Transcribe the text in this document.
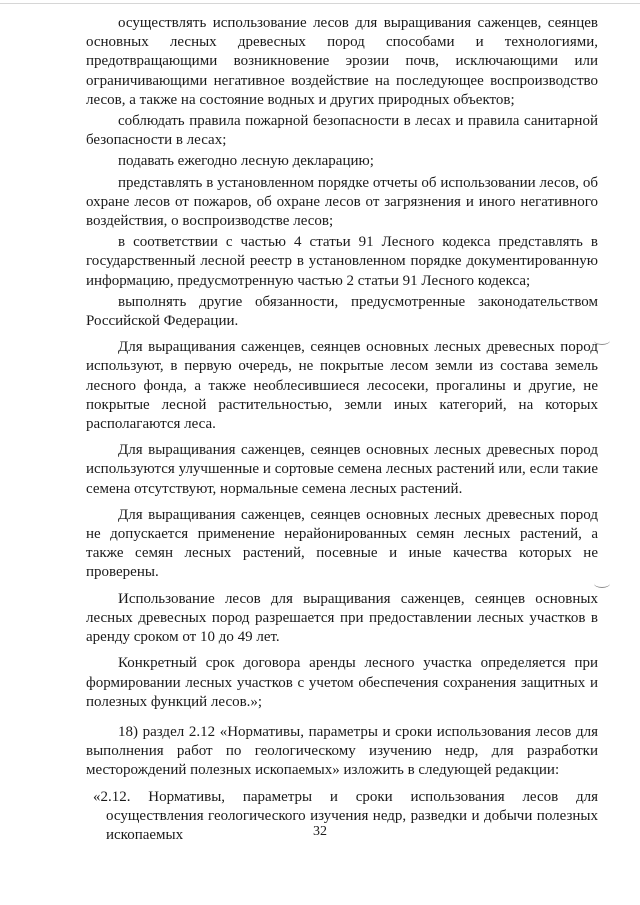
осуществлять использование лесов для выращивания саженцев, сеянцев основных лесных древесных пород способами и технологиями, предотвращающими возникновение эрозии почв, исключающими или ограничивающими негативное воздействие на последующее воспроизводство лесов, а также на состояние водных и других природных объектов;

соблюдать правила пожарной безопасности в лесах и правила санитарной безопасности в лесах;

подавать ежегодно лесную декларацию;

представлять в установленном порядке отчеты об использовании лесов, об охране лесов от пожаров, об охране лесов от загрязнения и иного негативного воздействия, о воспроизводстве лесов;

в соответствии с частью 4 статьи 91 Лесного кодекса представлять в государственный лесной реестр в установленном порядке документированную информацию, предусмотренную частью 2 статьи 91 Лесного кодекса;

выполнять другие обязанности, предусмотренные законодательством Российской Федерации.

Для выращивания саженцев, сеянцев основных лесных древесных пород используют, в первую очередь, не покрытые лесом земли из состава земель лесного фонда, а также необлесившиеся лесосеки, прогалины и другие, не покрытые лесной растительностью, земли иных категорий, на которых располагаются леса.

Для выращивания саженцев, сеянцев основных лесных древесных пород используются улучшенные и сортовые семена лесных растений или, если такие семена отсутствуют, нормальные семена лесных растений.

Для выращивания саженцев, сеянцев основных лесных древесных пород не допускается применение нерайонированных семян лесных растений, а также семян лесных растений, посевные и иные качества которых не проверены.

Использование лесов для выращивания саженцев, сеянцев основных лесных древесных пород разрешается при предоставлении лесных участков в аренду сроком от 10 до 49 лет.

Конкретный срок договора аренды лесного участка определяется при формировании лесных участков с учетом обеспечения сохранения защитных и полезных функций лесов.»;

18) раздел 2.12 «Нормативы, параметры и сроки использования лесов для выполнения работ по геологическому изучению недр, для разработки месторождений полезных ископаемых» изложить в следующей редакции:

«2.12. Нормативы, параметры и сроки использования лесов для осуществления геологического изучения недр, разведки и добычи полезных ископаемых	32
